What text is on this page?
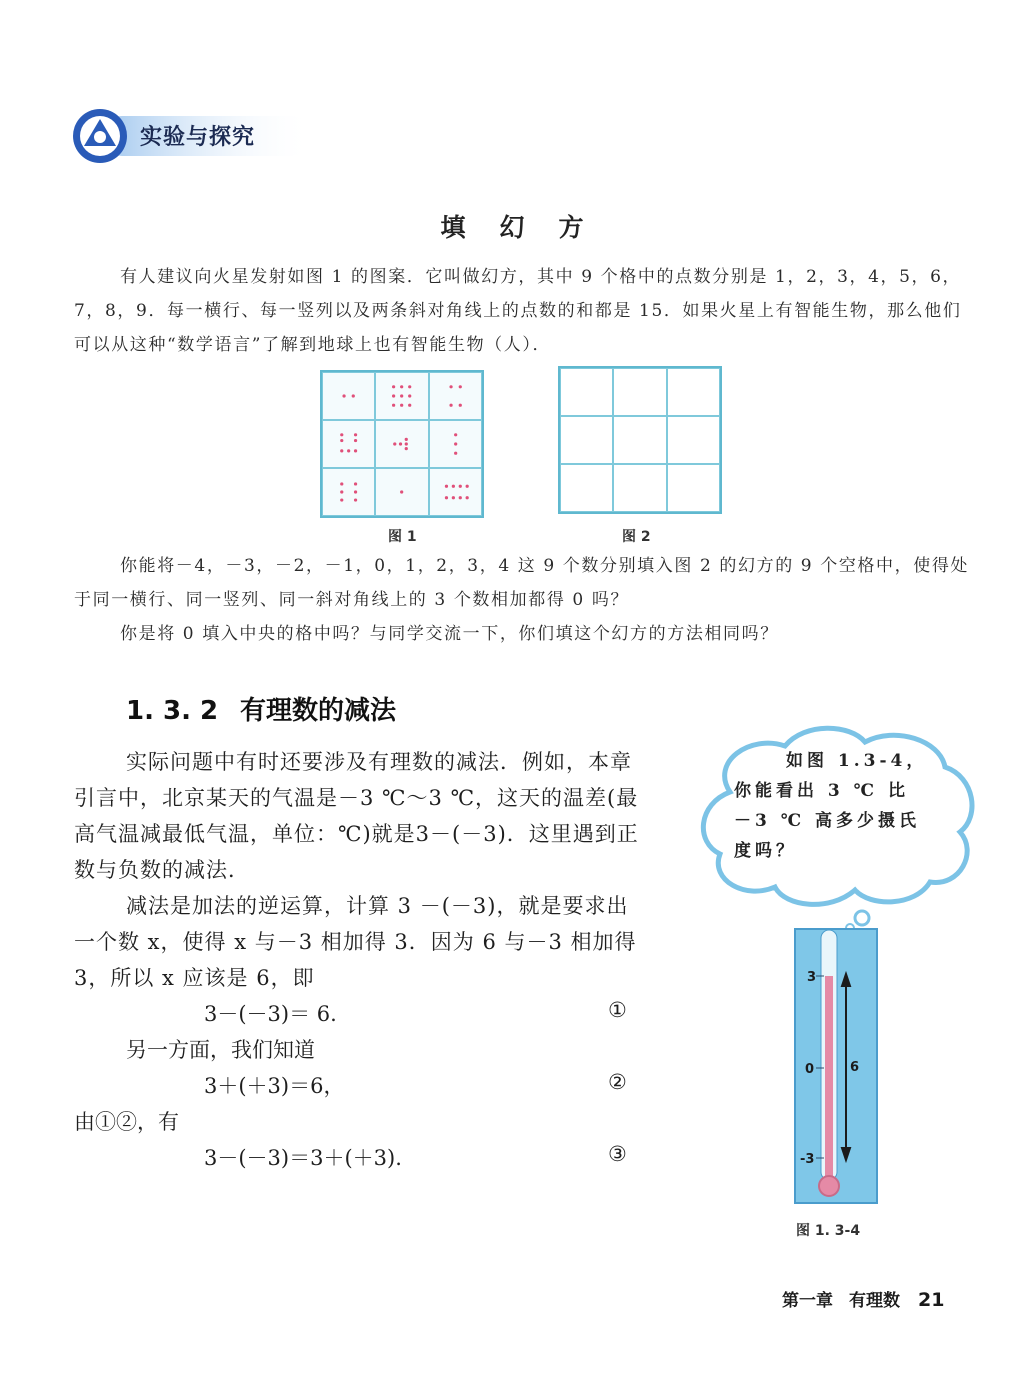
实验与探究
填幻方
有人建议向火星发射如图 1 的图案．它叫做幻方，其中 9 个格中的点数分别是 1，2，3，4，5，6，7，8，9．每一横行、每一竖列以及两条斜对角线上的点数的和都是 15．如果火星上有智能生物，那么他们可以从这种“数学语言”了解到地球上也有智能生物（人）．
图 1	图 2
你能将－4，－3，－2，－1，0，1，2，3，4 这 9 个数分别填入图 2 的幻方的 9 个空格中，使得处于同一横行、同一竖列、同一斜对角线上的 3 个数相加都得 0 吗？
你是将 0 填入中央的格中吗？与同学交流一下，你们填这个幻方的方法相同吗？
1. 3. 2 有理数的减法
实际问题中有时还要涉及有理数的减法．例如，本章引言中，北京某天的气温是－3 ℃～3 ℃，这天的温差(最高气温减最低气温，单位：℃)就是3－(－3)．这里遇到正数与负数的减法．
减法是加法的逆运算，计算 3 －(－3)，就是要求出一个数 x，使得 x 与－3 相加得 3．因为 6 与－3 相加得 3，所以 x 应该是 6，即
3－(－3)＝ 6.	①
另一方面，我们知道
3＋(＋3)＝6，	②
由①②，有
3－(－3)＝3＋(＋3).	③
如图 1.3-4，你能看出 3 ℃ 比 －3 ℃ 高多少摄氏度吗？
3
0
-3
6
图 1. 3-4
第一章 有理数 21
